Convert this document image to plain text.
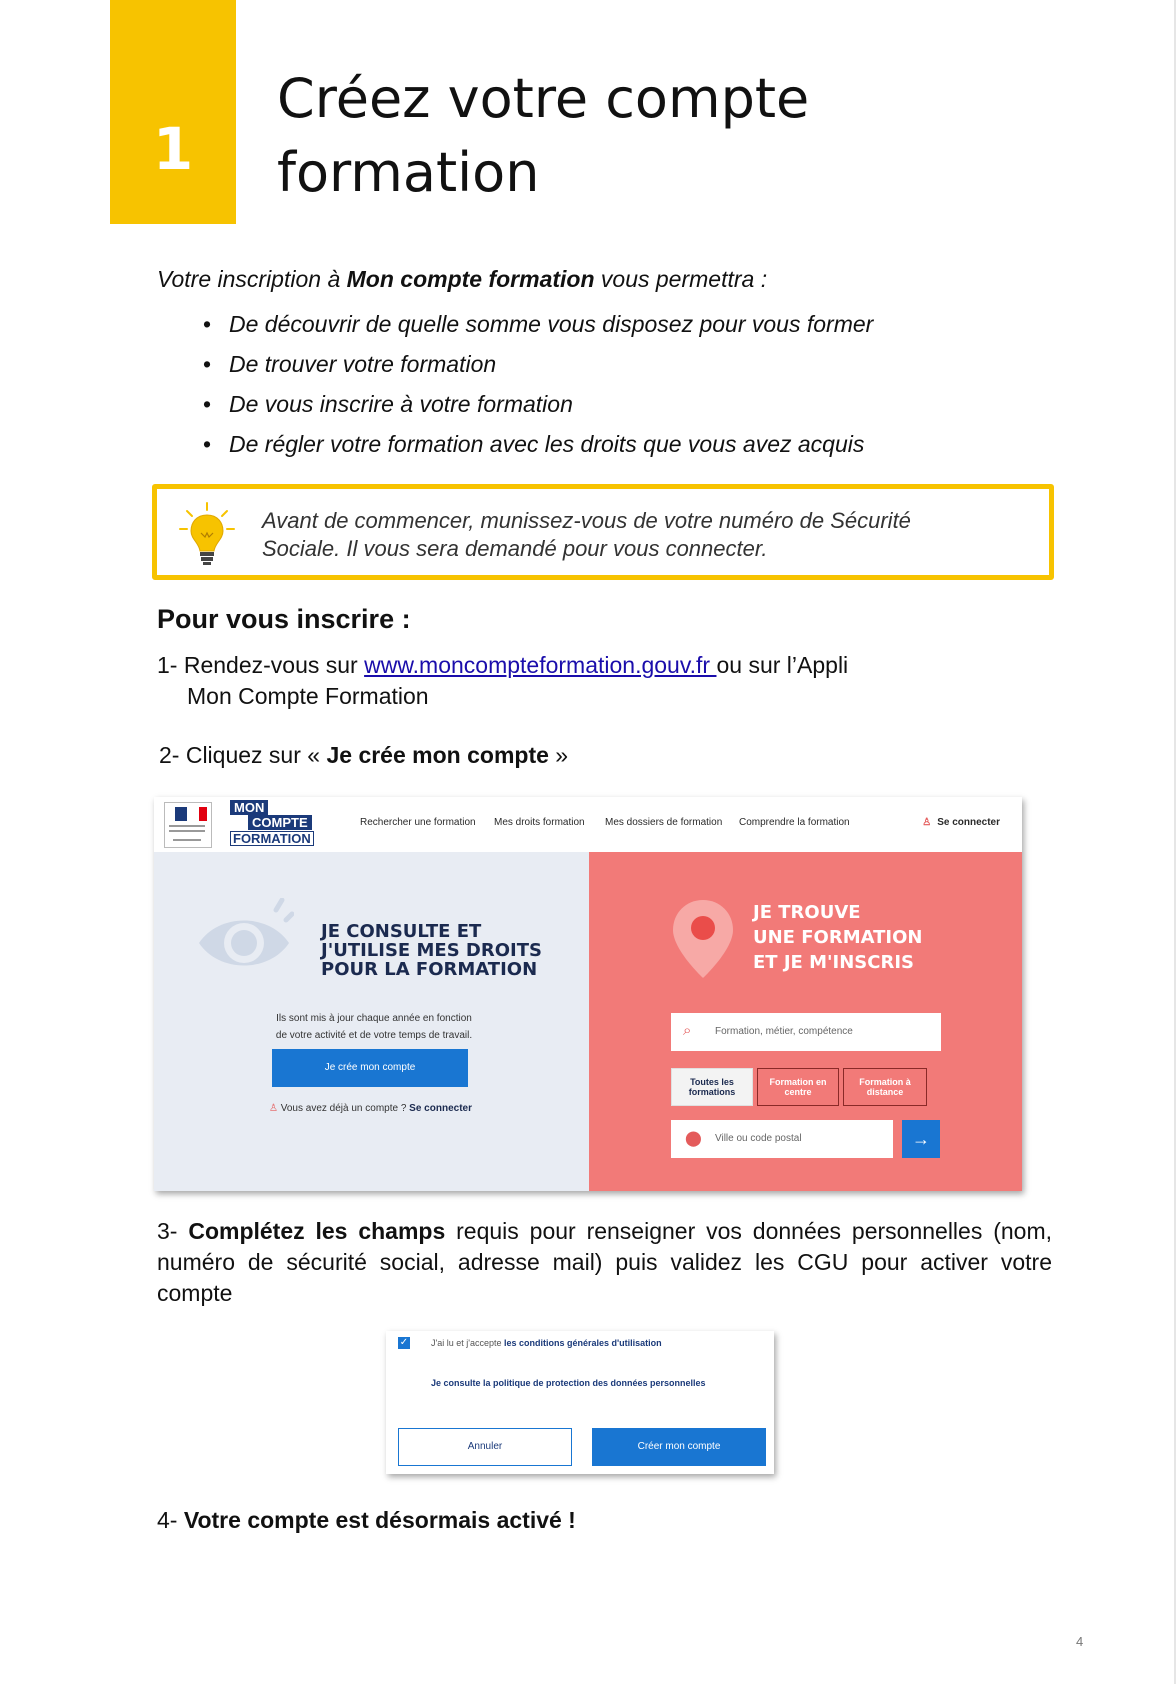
1
Créez votre compte
formation
Votre inscription à Mon compte formation vous permettra :
• De découvrir de quelle somme vous disposez pour vous former
• De trouver votre formation
• De vous inscrire à votre formation
• De régler votre formation avec les droits que vous avez acquis

Avant de commencer, munissez-vous de votre numéro de Sécurité
Sociale. Il vous sera demandé pour vous connecter.

Pour vous inscrire :
1- Rendez-vous sur www.moncompteformation.gouv.fr ou sur l’Appli
Mon Compte Formation
2- Cliquez sur « Je crée mon compte »
MON
COMPTE
FORMATION
Rechercher une formation Mes droits formation Mes dossiers de formation Comprendre la formation	♙ Se connecter
JE CONSULTE ET
J'UTILISE MES DROITS
POUR LA FORMATION
Ils sont mis à jour chaque année en fonction
de votre activité et de votre temps de travail.
Je crée mon compte
♙ Vous avez déjà un compte ? Se connecter
JE TROUVE
UNE FORMATION
ET JE M'INSCRIS
⌕ Formation, métier, compétence
Toutes les
formations
Formation en
centre
Formation à
distance
⬤ Ville ou code postal	→
3- Complétez les champs requis pour renseigner vos données personnelles (nom, numéro de sécurité social, adresse mail) puis validez les CGU pour activer votre compte
✓	J'ai lu et j'accepte les conditions générales d'utilisation
Je consulte la politique de protection des données personnelles
Annuler	Créer mon compte
4- Votre compte est désormais activé !
4
